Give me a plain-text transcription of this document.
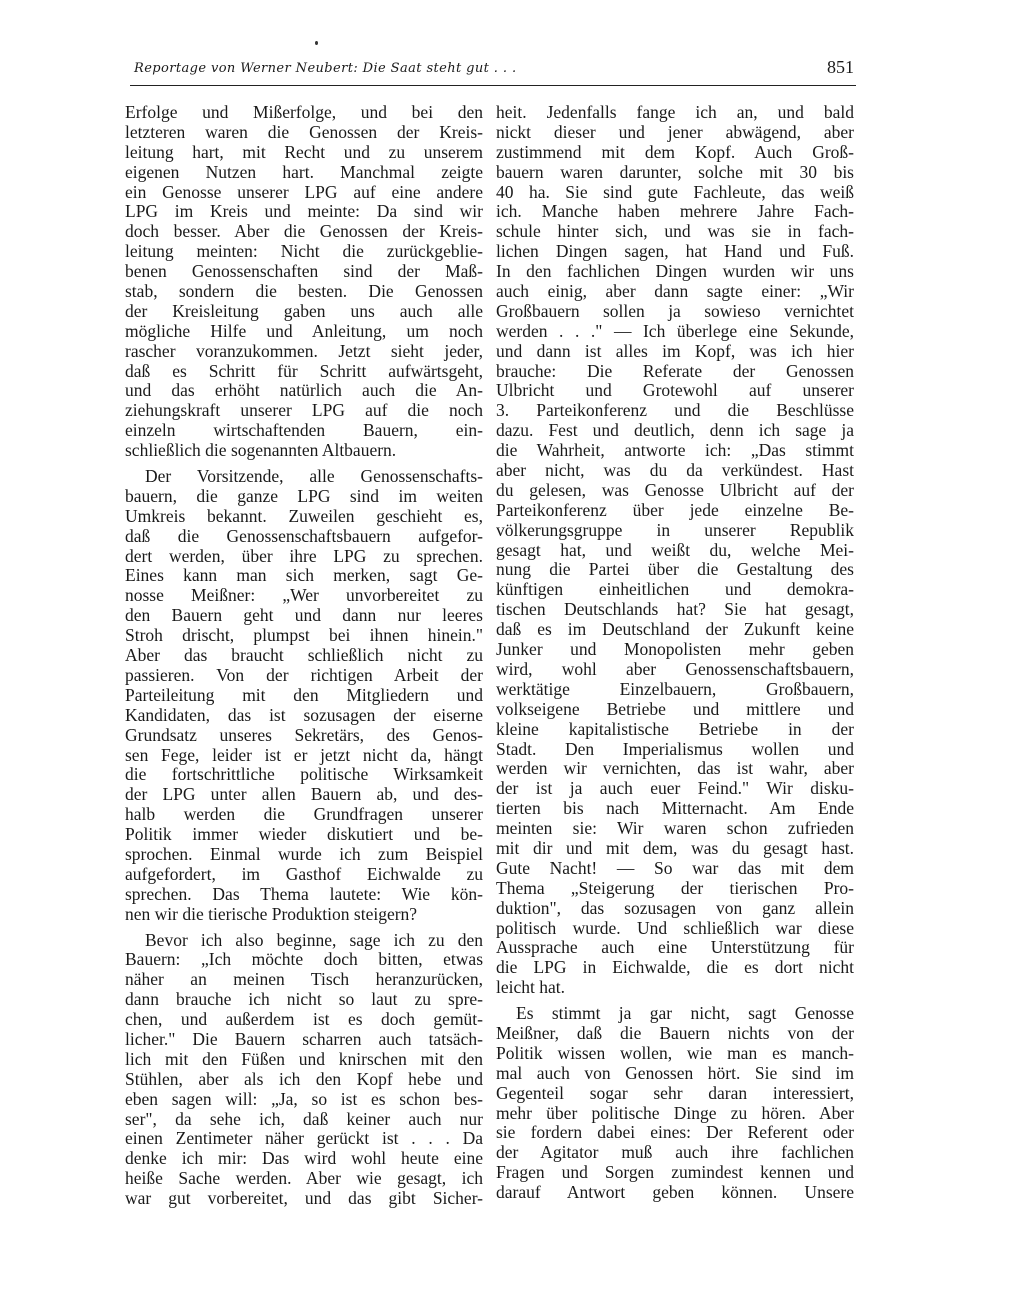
Reportage von Werner Neubert: Die Saat steht gut . . .	851
Erfolge und Mißerfolge, und bei den
letzteren waren die Genossen der Kreis-
leitung hart, mit Recht und zu unserem
eigenen Nutzen hart. Manchmal zeigte
ein Genosse unserer LPG auf eine andere
LPG im Kreis und meinte: Da sind wir
doch besser. Aber die Genossen der Kreis-
leitung meinten: Nicht die zurückgeblie-
benen Genossenschaften sind der Maß-
stab, sondern die besten. Die Genossen
der Kreisleitung gaben uns auch alle
mögliche Hilfe und Anleitung, um noch
rascher voranzukommen. Jetzt sieht jeder,
daß es Schritt für Schritt aufwärtsgeht,
und das erhöht natürlich auch die An-
ziehungskraft unserer LPG auf die noch
einzeln wirtschaftenden Bauern, ein-
schließlich die sogenannten Altbauern.
Der Vorsitzende, alle Genossenschafts-
bauern, die ganze LPG sind im weiten
Umkreis bekannt. Zuweilen geschieht es,
daß die Genossenschaftsbauern aufgefor-
dert werden, über ihre LPG zu sprechen.
Eines kann man sich merken, sagt Ge-
nosse Meißner: „Wer unvorbereitet zu
den Bauern geht und dann nur leeres
Stroh drischt, plumpst bei ihnen hinein."
Aber das braucht schließlich nicht zu
passieren. Von der richtigen Arbeit der
Parteileitung mit den Mitgliedern und
Kandidaten, das ist sozusagen der eiserne
Grundsatz unseres Sekretärs, des Genos-
sen Fege, leider ist er jetzt nicht da, hängt
die fortschrittliche politische Wirksamkeit
der LPG unter allen Bauern ab, und des-
halb werden die Grundfragen unserer
Politik immer wieder diskutiert und be-
sprochen. Einmal wurde ich zum Beispiel
aufgefordert, im Gasthof Eichwalde zu
sprechen. Das Thema lautete: Wie kön-
nen wir die tierische Produktion steigern?
Bevor ich also beginne, sage ich zu den
Bauern: „Ich möchte doch bitten, etwas
näher an meinen Tisch heranzurücken,
dann brauche ich nicht so laut zu spre-
chen, und außerdem ist es doch gemüt-
licher." Die Bauern scharren auch tatsäch-
lich mit den Füßen und knirschen mit den
Stühlen, aber als ich den Kopf hebe und
eben sagen will: „Ja, so ist es schon bes-
ser", da sehe ich, daß keiner auch nur
einen Zentimeter näher gerückt ist . . . Da
denke ich mir: Das wird wohl heute eine
heiße Sache werden. Aber wie gesagt, ich
war gut vorbereitet, und das gibt Sicher-
heit. Jedenfalls fange ich an, und bald
nickt dieser und jener abwägend, aber
zustimmend mit dem Kopf. Auch Groß-
bauern waren darunter, solche mit 30 bis
40 ha. Sie sind gute Fachleute, das weiß
ich. Manche haben mehrere Jahre Fach-
schule hinter sich, und was sie in fach-
lichen Dingen sagen, hat Hand und Fuß.
In den fachlichen Dingen wurden wir uns
auch einig, aber dann sagte einer: „Wir
Großbauern sollen ja sowieso vernichtet
werden . . ." — Ich überlege eine Sekunde,
und dann ist alles im Kopf, was ich hier
brauche: Die Referate der Genossen
Ulbricht und Grotewohl auf unserer
3. Parteikonferenz und die Beschlüsse
dazu. Fest und deutlich, denn ich sage ja
die Wahrheit, antworte ich: „Das stimmt
aber nicht, was du da verkündest. Hast
du gelesen, was Genosse Ulbricht auf der
Parteikonferenz über jede einzelne Be-
völkerungsgruppe in unserer Republik
gesagt hat, und weißt du, welche Mei-
nung die Partei über die Gestaltung des
künftigen einheitlichen und demokra-
tischen Deutschlands hat? Sie hat gesagt,
daß es im Deutschland der Zukunft keine
Junker und Monopolisten mehr geben
wird, wohl aber Genossenschaftsbauern,
werktätige Einzelbauern, Großbauern,
volkseigene Betriebe und mittlere und
kleine kapitalistische Betriebe in der
Stadt. Den Imperialismus wollen und
werden wir vernichten, das ist wahr, aber
der ist ja auch euer Feind." Wir disku-
tierten bis nach Mitternacht. Am Ende
meinten sie: Wir waren schon zufrieden
mit dir und mit dem, was du gesagt hast.
Gute Nacht! — So war das mit dem
Thema „Steigerung der tierischen Pro-
duktion", das sozusagen von ganz allein
politisch wurde. Und schließlich war diese
Aussprache auch eine Unterstützung für
die LPG in Eichwalde, die es dort nicht
leicht hat.
Es stimmt ja gar nicht, sagt Genosse
Meißner, daß die Bauern nichts von der
Politik wissen wollen, wie man es manch-
mal auch von Genossen hört. Sie sind im
Gegenteil sogar sehr daran interessiert,
mehr über politische Dinge zu hören. Aber
sie fordern dabei eines: Der Referent oder
der Agitator muß auch ihre fachlichen
Fragen und Sorgen zumindest kennen und
darauf Antwort geben können. Unsere
